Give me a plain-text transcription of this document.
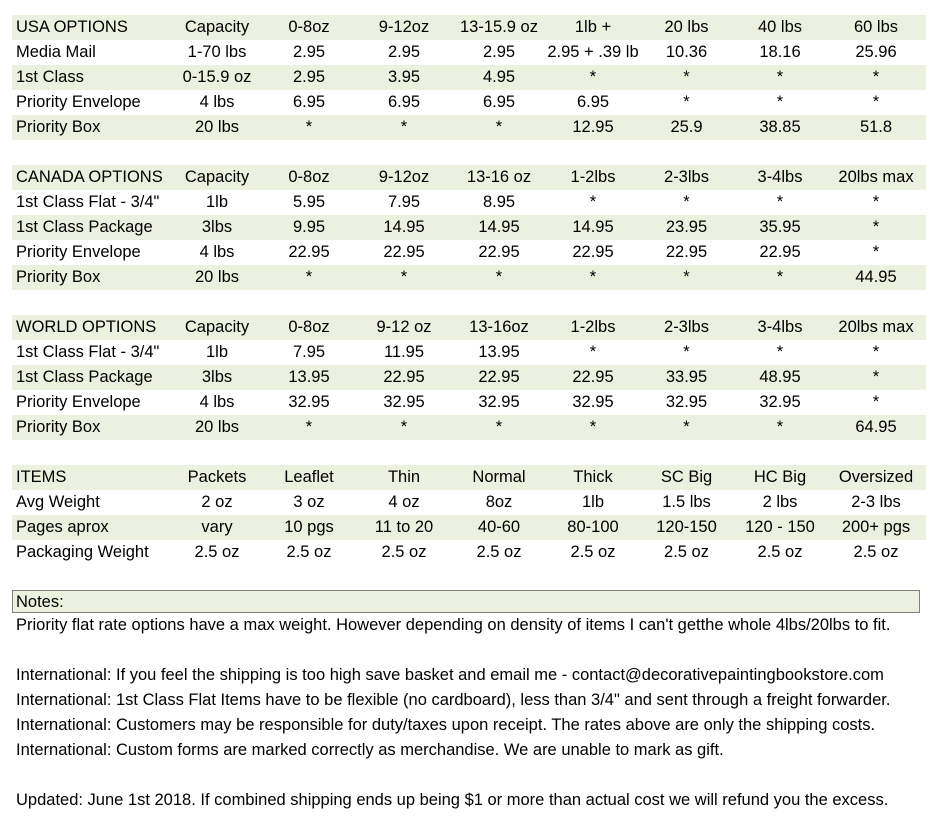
USA OPTIONS	Capacity	0-8oz	9-12oz	13-15.9 oz	1lb +	20 lbs	40 lbs	60 lbs
Media Mail	1-70 lbs	2.95	2.95	2.95	2.95 + .39 lb	10.36	18.16	25.96
1st Class	0-15.9 oz	2.95	3.95	4.95	*	*	*	*
Priority Envelope	4 lbs	6.95	6.95	6.95	6.95	*	*	*
Priority Box	20 lbs	*	*	*	12.95	25.9	38.85	51.8
CANADA OPTIONS	Capacity	0-8oz	9-12oz	13-16 oz	1-2lbs	2-3lbs	3-4lbs	20lbs max
1st Class Flat - 3/4"	1lb	5.95	7.95	8.95	*	*	*	*
1st Class Package	3lbs	9.95	14.95	14.95	14.95	23.95	35.95	*
Priority Envelope	4 lbs	22.95	22.95	22.95	22.95	22.95	22.95	*
Priority Box	20 lbs	*	*	*	*	*	*	44.95
WORLD OPTIONS	Capacity	0-8oz	9-12 oz	13-16oz	1-2lbs	2-3lbs	3-4lbs	20lbs max
1st Class Flat - 3/4"	1lb	7.95	11.95	13.95	*	*	*	*
1st Class Package	3lbs	13.95	22.95	22.95	22.95	33.95	48.95	*
Priority Envelope	4 lbs	32.95	32.95	32.95	32.95	32.95	32.95	*
Priority Box	20 lbs	*	*	*	*	*	*	64.95
ITEMS	Packets	Leaflet	Thin	Normal	Thick	SC Big	HC Big	Oversized
Avg Weight	2 oz	3 oz	4 oz	8oz	1lb	1.5 lbs	2 lbs	2-3 lbs
Pages aprox	vary	10 pgs	11 to 20	40-60	80-100	120-150	120 - 150	200+ pgs
Packaging Weight	2.5 oz	2.5 oz	2.5 oz	2.5 oz	2.5 oz	2.5 oz	2.5 oz	2.5 oz
Notes:
Priority flat rate options have a max weight. However depending on density of items I can't getthe whole 4lbs/20lbs to fit.
International: If you feel the shipping is too high save basket and email me - contact@decorativepaintingbookstore.com
International: 1st Class Flat Items have to be flexible (no cardboard), less than 3/4" and sent through a freight forwarder.
International: Customers may be responsible for duty/taxes upon receipt. The rates above are only the shipping costs.
International: Custom forms are marked correctly as merchandise. We are unable to mark as gift.
Updated: June 1st 2018. If combined shipping ends up being $1 or more than actual cost we will refund you the excess.
